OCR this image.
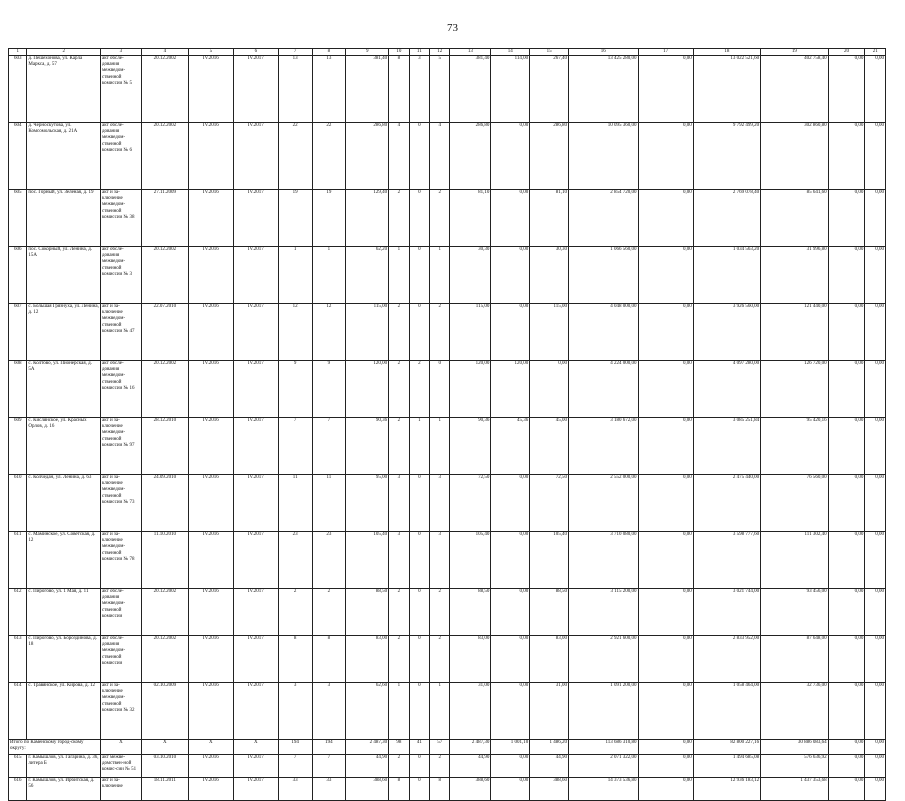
73
1	2	3	4	5	6	7	8	9	10	11	12	13	14	15	16	17	18	19	20	21
603	д. Пешехонова, ул. Карла Маркса, д. 57	акт обсле-дования межведом-ственной комиссии № 5	20.12.2002	IV.2016	IV.2017	13	13	381,40	8	3	5	381,40	114,00	267,40	13 425 280,00	0,00	13 022 521,60	402 758,40	0,00	0,00
604	д. Черноскутова, ул. Комсомольская, д. 21А	акт обсле-дования межведом-ственной комиссии № 6	20.12.2002	IV.2016	IV.2017	22	22	286,80	4	0	4	286,80	0,00	286,80	10 095 360,00	0,00	9 792 499,20	302 860,80	0,00	0,00
605	пос. Горный, ул. Зеленая, д. 19	акт и за-ключение межведом-ственной комиссии № 38	27.11.2009	IV.2016	IV.2017	19	19	129,40	2	0	2	81,10	0,00	81,10	2 854 720,00	0,00	2 769 078,40	85 641,60	0,00	0,00
606	пос. Сокорный, ул. Ленина, д. 15А	акт обсле-дования межведом-ственной комиссии № 3	20.12.2002	IV.2016	IV.2017	1	1	62,20	1	0	1	30,30	0,00	30,30	1 066 560,00	0,00	1 034 563,20	31 996,80	0,00	0,00
607	с. Большая Грязнуха, ул. Ленина, д. 12	акт и за-ключение межведом-ственной комиссии № 47	22.07.2010	IV.2016	IV.2017	12	12	115,00	2	0	2	115,00	0,00	115,00	4 048 000,00	0,00	3 926 560,00	121 440,00	0,00	0,00
608	с. Колтово, ул. Пионерская, д. 5А	акт обсле-дования межведом-ственной комиссии № 16	20.12.2002	IV.2016	IV.2017	9	9	120,00	2	2	0	120,00	120,00	0,00	4 224 000,00	0,00	4 097 280,00	126 720,00	0,00	0,00
609	с. Кислянское, ул. Красных Орлов, д. 16	акт и за-ключение межведом-ственной комиссии № 97	28.12.2010	IV.2016	IV.2017	7	7	90,36	2	1	1	90,36	45,36	45,00	3 180 672,00	0,00	3 085 251,84	95 420,16	0,00	0,00
610	с. Колчедан, ул. Ленина, д. 63	акт и за-ключение межведом-ственной комиссии № 73	24.09.2010	IV.2016	IV.2017	11	11	95,00	3	0	3	72,50	0,00	72,50	2 552 000,00	0,00	2 475 440,00	76 560,00	0,00	0,00
611	с. Маминское, ул. Советская, д. 12	акт и за-ключение межведом-ственной комиссии № 78	11.10.2010	IV.2016	IV.2017	23	23	105,40	3	0	3	105,40	0,00	105,40	3 710 080,00	0,00	3 598 777,60	111 302,40	0,00	0,00
612	с. Пирогово, ул. 1 Мая, д. 11	акт обсле-дования межведом-ственной комиссии	20.12.2002	IV.2016	IV.2017	2	2	88,50	2	0	2	88,50	0,00	88,50	3 115 200,00	0,00	3 021 744,00	93 456,00	0,00	0,00
613	с. Пирогово, ул. Бороздинова, д. 18	акт обсле-дования межведом-ственной комиссии	20.12.2002	IV.2016	IV.2017	8	8	83,00	2	0	2	83,00	0,00	83,00	2 921 600,00	0,00	2 833 952,00	87 648,00	0,00	0,00
614	с. Травянское, ул. Кирова, д. 12	акт и за-ключение межведом-ственной комиссии № 32	02.10.2009	IV.2016	IV.2017	3	3	62,60	1	0	1	31,00	0,00	31,00	1 091 200,00	0,00	1 058 464,00	32 736,00	0,00	0,00
Итого по Каменскому город-скому округу:		X	X	X	X	194	194	2 487,30	98	41	57	2 487,30	1 001,10	1 486,20	113 686 310,80	0,00	82 800 227,16	30 886 083,64	0,00	0,00
615	г. Камышлов, ул. Гагарина, д. 36, литера Б	акт межве-домствен-ной комис-сии № 51	03.10.2010	IV.2016	IV.2017	7	7	44,90	2	0	2	44,90	0,00	44,90	2 071 322,00	0,00	1 494 685,08	576 636,92	0,00	0,00
616	г. Камышлов, ул. Ирбитская, д. 56	акт и за-ключение	18.11.2011	IV.2016	IV.2017	33	33	388,60	8	0	8	388,60	0,00	388,60	14 373 536,80	0,00	12 936 183,12	1 437 353,68	0,00	0,00
